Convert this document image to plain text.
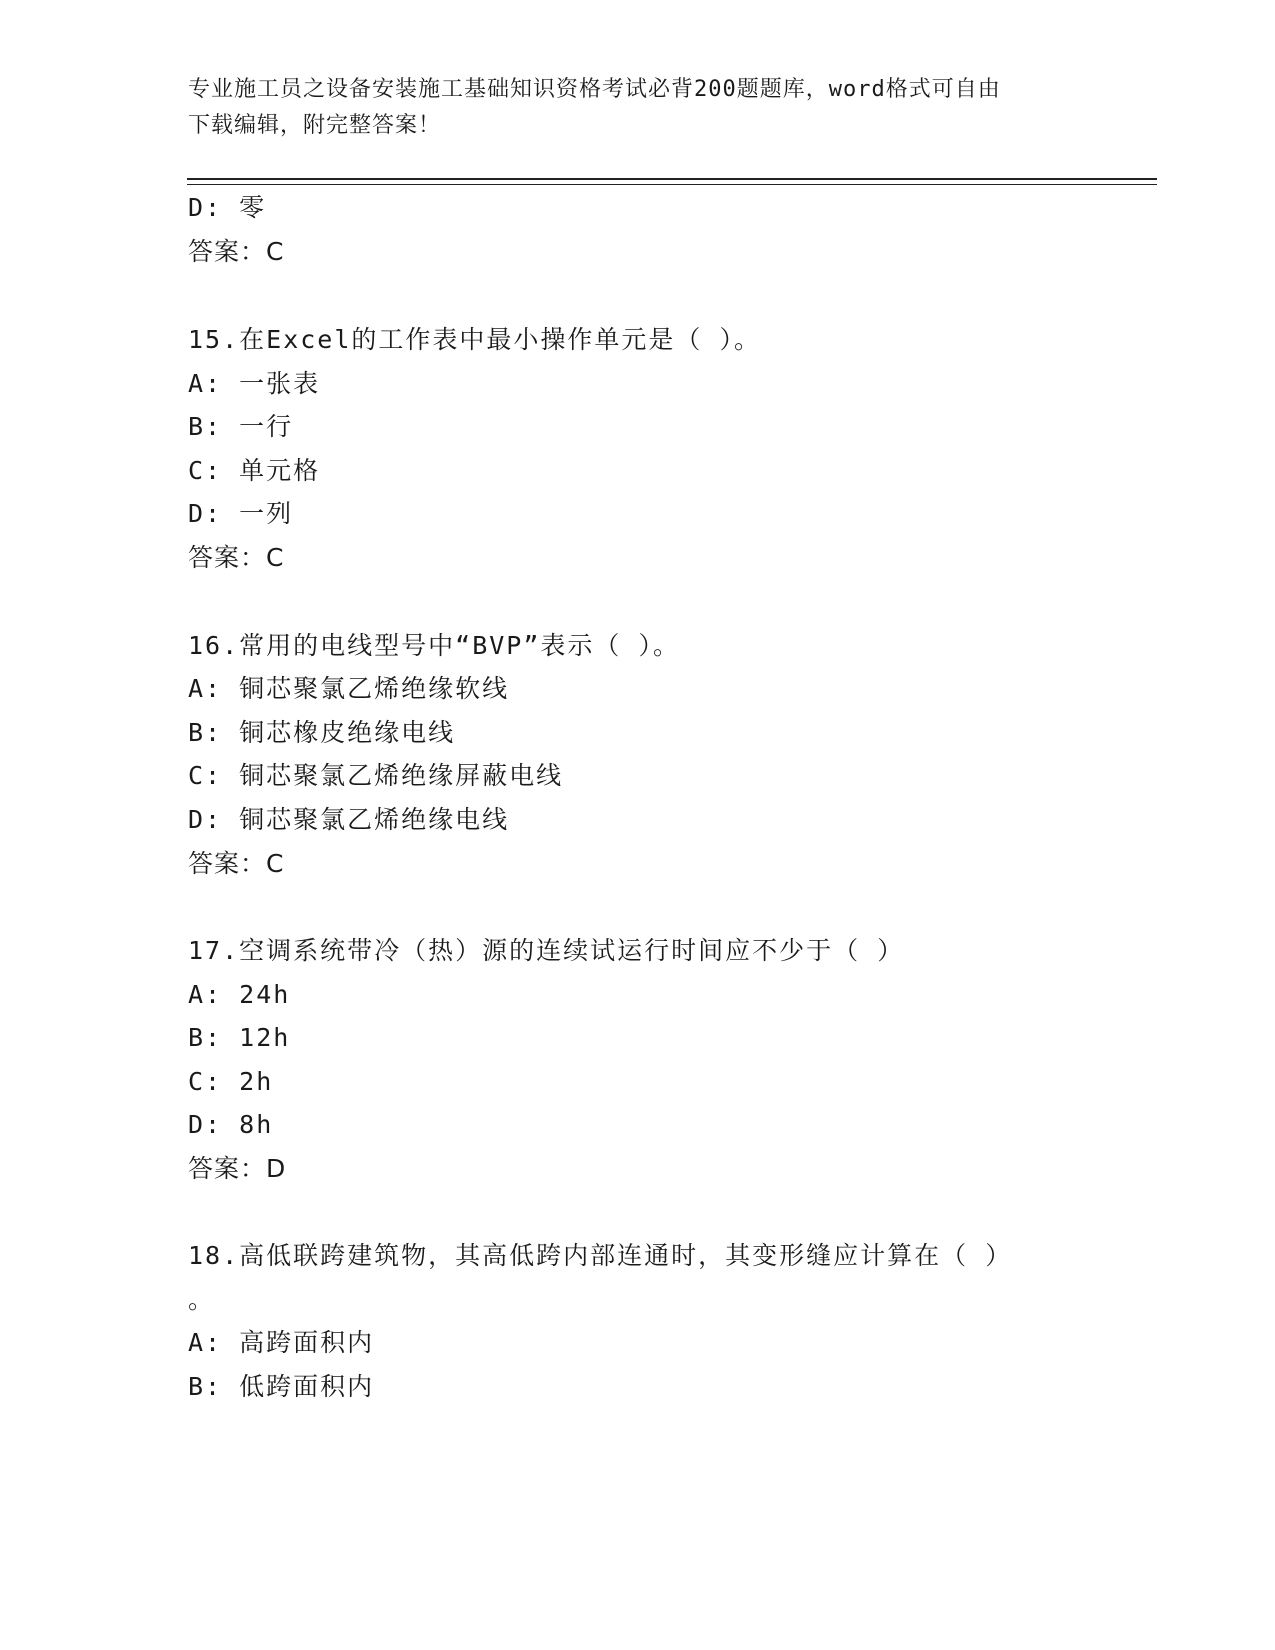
专业施工员之设备安装施工基础知识资格考试必背200题题库，word格式可自由
下载编辑，附完整答案！
D: 零
答案：C
15.在Excel的工作表中最小操作单元是（ ）。
A: 一张表
B: 一行
C: 单元格
D: 一列
答案：C
16.常用的电线型号中“BVP”表示（ ）。
A: 铜芯聚氯乙烯绝缘软线
B: 铜芯橡皮绝缘电线
C: 铜芯聚氯乙烯绝缘屏蔽电线
D: 铜芯聚氯乙烯绝缘电线
答案：C
17.空调系统带冷（热）源的连续试运行时间应不少于（ ）
A: 24h
B: 12h
C: 2h
D: 8h
答案：D
18.高低联跨建筑物，其高低跨内部连通时，其变形缝应计算在（ ）
。
A: 高跨面积内
B: 低跨面积内
